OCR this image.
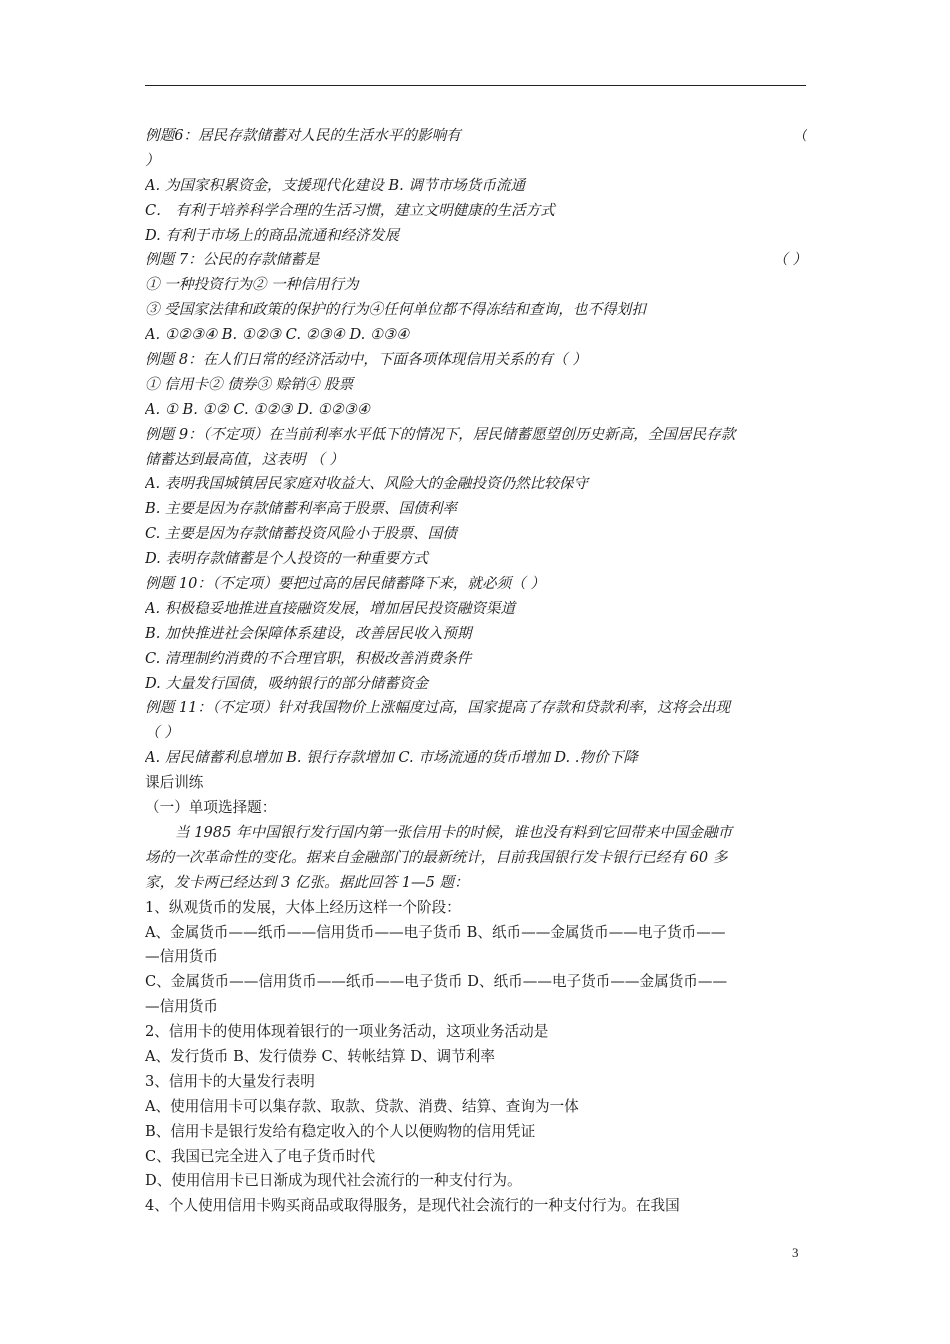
例题6：居民存款储蓄对人民的生活水平的影响有	（
）
A. 为国家积累资金，支援现代化建设 B. 调节市场货币流通
C． 有利于培养科学合理的生活习惯，建立文明健康的生活方式
D. 有利于市场上的商品流通和经济发展
例题 7：公民的存款储蓄是	（ ）
① 一种投资行为② 一种信用行为
③ 受国家法律和政策的保护的行为④任何单位都不得冻结和查询，也不得划扣
A. ①②③④ B. ①②③ C. ②③④ D. ①③④
例题 8：在人们日常的经济活动中，下面各项体现信用关系的有（ ）
① 信用卡② 债券③ 赊销④ 股票
A. ① B. ①② C. ①②③ D. ①②③④
例题 9：（不定项）在当前利率水平低下的情况下，居民储蓄愿望创历史新高，全国居民存款
储蓄达到最高值，这表明 （ ）
A. 表明我国城镇居民家庭对收益大、风险大的金融投资仍然比较保守
B. 主要是因为存款储蓄利率高于股票、国债利率
C. 主要是因为存款储蓄投资风险小于股票、国债
D. 表明存款储蓄是个人投资的一种重要方式
例题 10：（不定项）要把过高的居民储蓄降下来，就必须（ ）
A. 积极稳妥地推进直接融资发展，增加居民投资融资渠道
B. 加快推进社会保障体系建设，改善居民收入预期
C. 清理制约消费的不合理官职，积极改善消费条件
D. 大量发行国债，吸纳银行的部分储蓄资金
例题 11：（不定项）针对我国物价上涨幅度过高，国家提高了存款和贷款利率，这将会出现
（ ）
A. 居民储蓄利息增加 B. 银行存款增加 C. 市场流通的货币增加 D. .物价下降
课后训练
（一）单项选择题：
当 1985 年中国银行发行国内第一张信用卡的时候，谁也没有料到它回带来中国金融市
场的一次革命性的变化。据来自金融部门的最新统计，目前我国银行发卡银行已经有 60 多
家，发卡两已经达到 3 亿张。据此回答 1—5 题：
1、纵观货币的发展，大体上经历这样一个阶段：
A、金属货币——纸币——信用货币——电子货币 B、纸币——金属货币——电子货币——
—信用货币
C、金属货币——信用货币——纸币——电子货币 D、纸币——电子货币——金属货币——
—信用货币
2、信用卡的使用体现着银行的一项业务活动，这项业务活动是
A、发行货币 B、发行债券 C、转帐结算 D、调节利率
3、信用卡的大量发行表明
A、使用信用卡可以集存款、取款、贷款、消费、结算、查询为一体
B、信用卡是银行发给有稳定收入的个人以便购物的信用凭证
C、我国已完全进入了电子货币时代
D、使用信用卡已日渐成为现代社会流行的一种支付行为。
4、个人使用信用卡购买商品或取得服务，是现代社会流行的一种支付行为。在我国
3
